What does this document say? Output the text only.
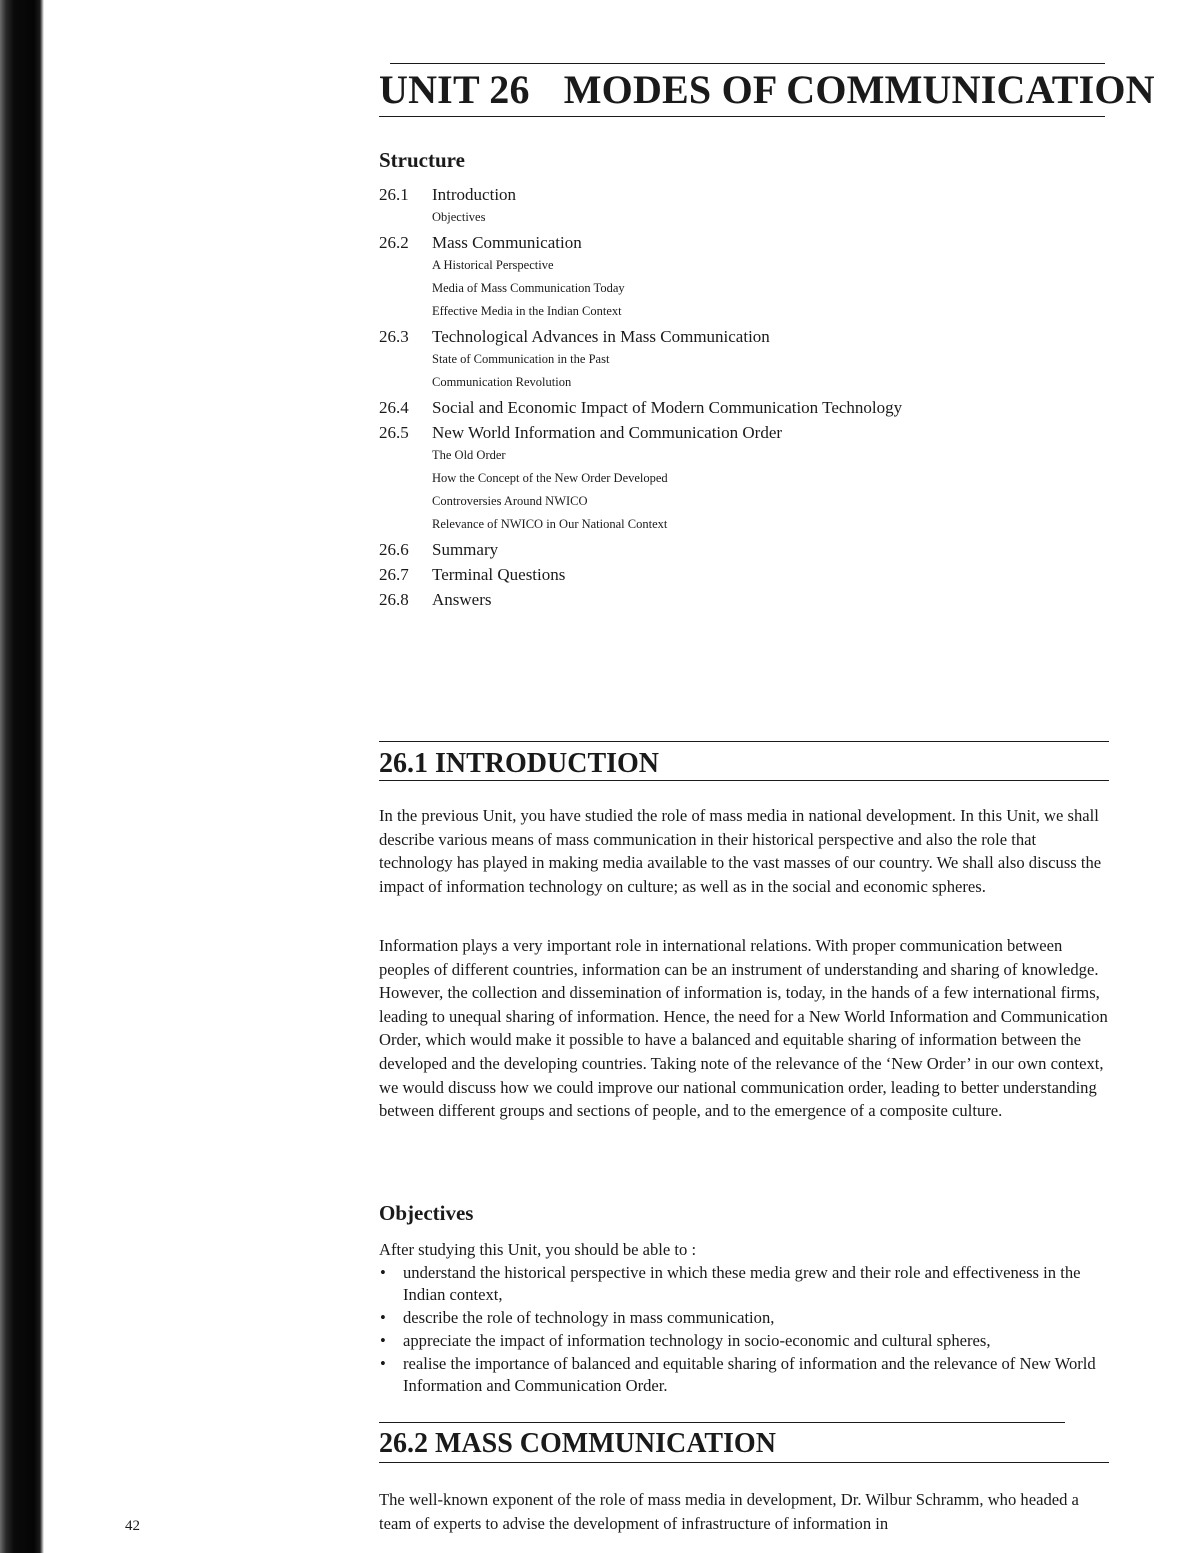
UNIT 26 MODES OF COMMUNICATION
Structure
26.1	Introduction
Objectives
26.2	Mass Communication
A Historical Perspective
Media of Mass Communication Today
Effective Media in the Indian Context
26.3	Technological Advances in Mass Communication
State of Communication in the Past
Communication Revolution
26.4	Social and Economic Impact of Modern Communication Technology
26.5	New World Information and Communication Order
The Old Order
How the Concept of the New Order Developed
Controversies Around NWICO
Relevance of NWICO in Our National Context
26.6	Summary
26.7	Terminal Questions
26.8	Answers
26.1 INTRODUCTION

In the previous Unit, you have studied the role of mass media in national development. In this Unit, we shall describe various means of mass communication in their historical perspective and also the role that technology has played in making media available to the vast masses of our country. We shall also discuss the impact of information technology on culture; as well as in the social and economic spheres.

Information plays a very important role in international relations. With proper communication between peoples of different countries, information can be an instrument of understanding and sharing of knowledge. However, the collection and dissemination of information is, today, in the hands of a few international firms, leading to unequal sharing of information. Hence, the need for a New World Information and Communication Order, which would make it possible to have a balanced and equitable sharing of information between the developed and the developing countries. Taking note of the relevance of the ‘New Order’ in our own context, we would discuss how we could improve our national communication order, leading to better understanding between different groups and sections of people, and to the emergence of a composite culture.

Objectives
After studying this Unit, you should be able to :
• understand the historical perspective in which these media grew and their role and effectiveness in the Indian context,
• describe the role of technology in mass communication,
• appreciate the impact of information technology in socio-economic and cultural spheres,
• realise the importance of balanced and equitable sharing of information and the relevance of New World Information and Communication Order.
26.2 MASS COMMUNICATION

The well-known exponent of the role of mass media in development, Dr. Wilbur Schramm, who headed a team of experts to advise the development of infrastructure of information in

42
